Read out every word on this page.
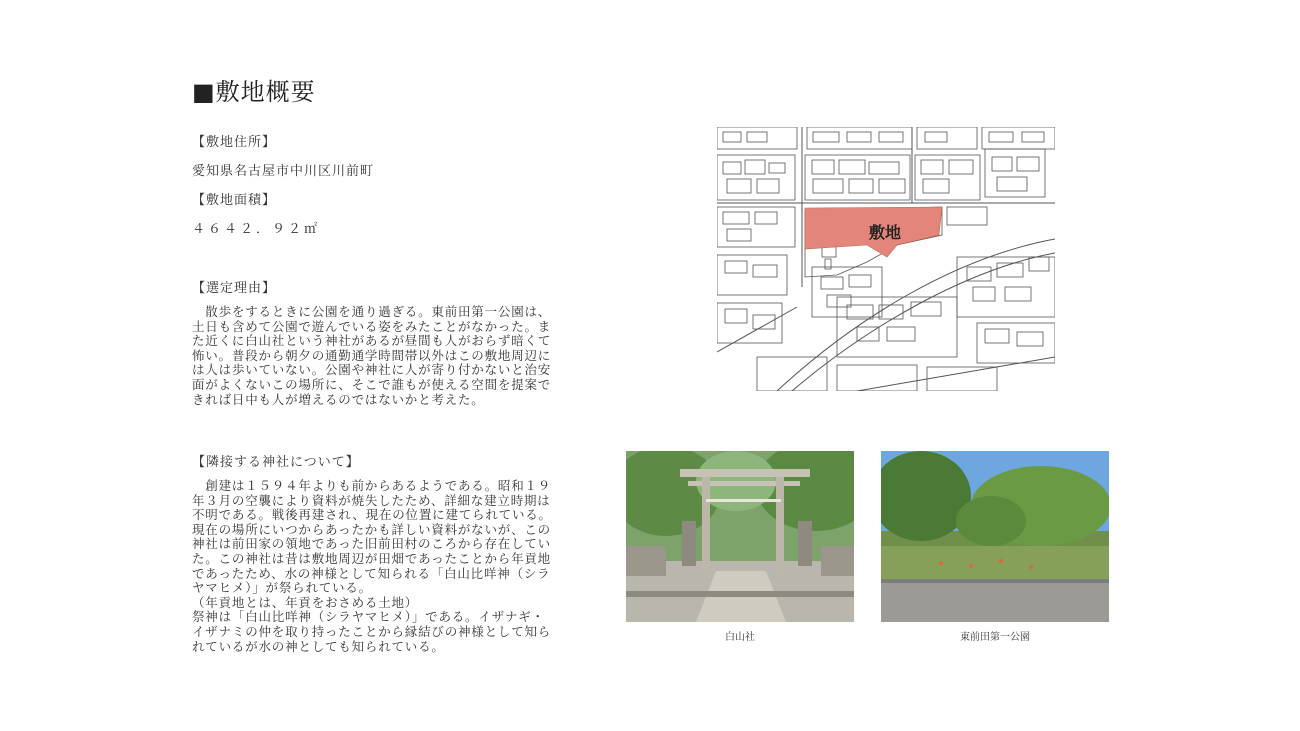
■敷地概要
【敷地住所】
愛知県名古屋市中川区川前町
【敷地面積】
４６４２．９２㎡
【選定理由】
　散歩をするときに公園を通り過ぎる。東前田第一公園は、
土日も含めて公園で遊んでいる姿をみたことがなかった。ま
た近くに白山社という神社があるが昼間も人がおらず暗くて
怖い。普段から朝夕の通勤通学時間帯以外はこの敷地周辺に
は人は歩いていない。公園や神社に人が寄り付かないと治安
面がよくないこの場所に、そこで誰もが使える空間を提案で
きれば日中も人が増えるのではないかと考えた。
【隣接する神社について】
　創建は１５９４年よりも前からあるようである。昭和１９
年３月の空襲により資料が焼失したため、詳細な建立時期は
不明である。戦後再建され、現在の位置に建てられている。
現在の場所にいつからあったかも詳しい資料がないが、この
神社は前田家の領地であった旧前田村のころから存在してい
た。この神社は昔は敷地周辺が田畑であったことから年貢地
であったため、水の神様として知られる「白山比咩神（シラ
ヤマヒメ）」が祭られている。
（年貢地とは、年貢をおさめる土地）
祭神は「白山比咩神（シラヤマヒメ）」である。イザナギ・
イザナミの仲を取り持ったことから縁結びの神様として知ら
れているが水の神としても知られている。
敷地
白山社	東前田第一公園
